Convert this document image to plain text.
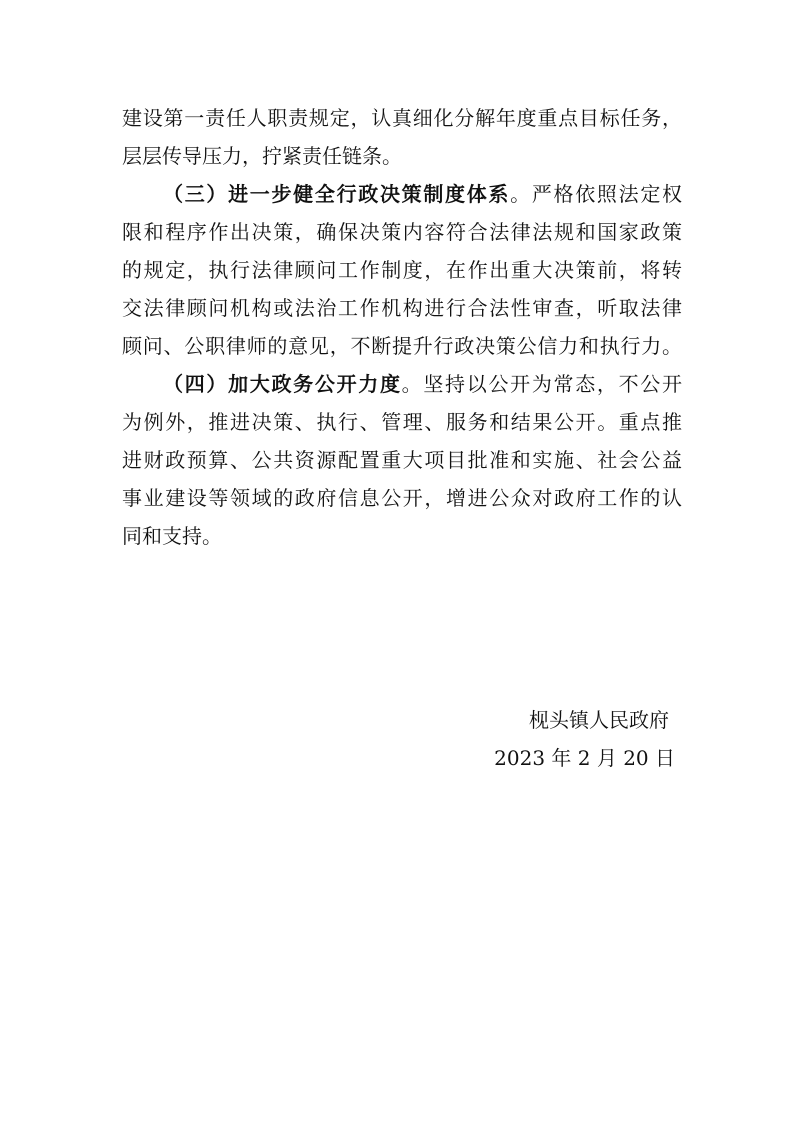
建设第一责任人职责规定，认真细化分解年度重点目标任务，
层层传导压力，拧紧责任链条。
（三）进一步健全行政决策制度体系。严格依照法定权
限和程序作出决策，确保决策内容符合法律法规和国家政策
的规定，执行法律顾问工作制度，在作出重大决策前，将转
交法律顾问机构或法治工作机构进行合法性审查，听取法律
顾问、公职律师的意见，不断提升行政决策公信力和执行力。
（四）加大政务公开力度。坚持以公开为常态，不公开
为例外，推进决策、执行、管理、服务和结果公开。重点推
进财政预算、公共资源配置重大项目批准和实施、社会公益
事业建设等领域的政府信息公开，增进公众对政府工作的认
同和支持。
枧头镇人民政府
2023 年 2 月 20 日
